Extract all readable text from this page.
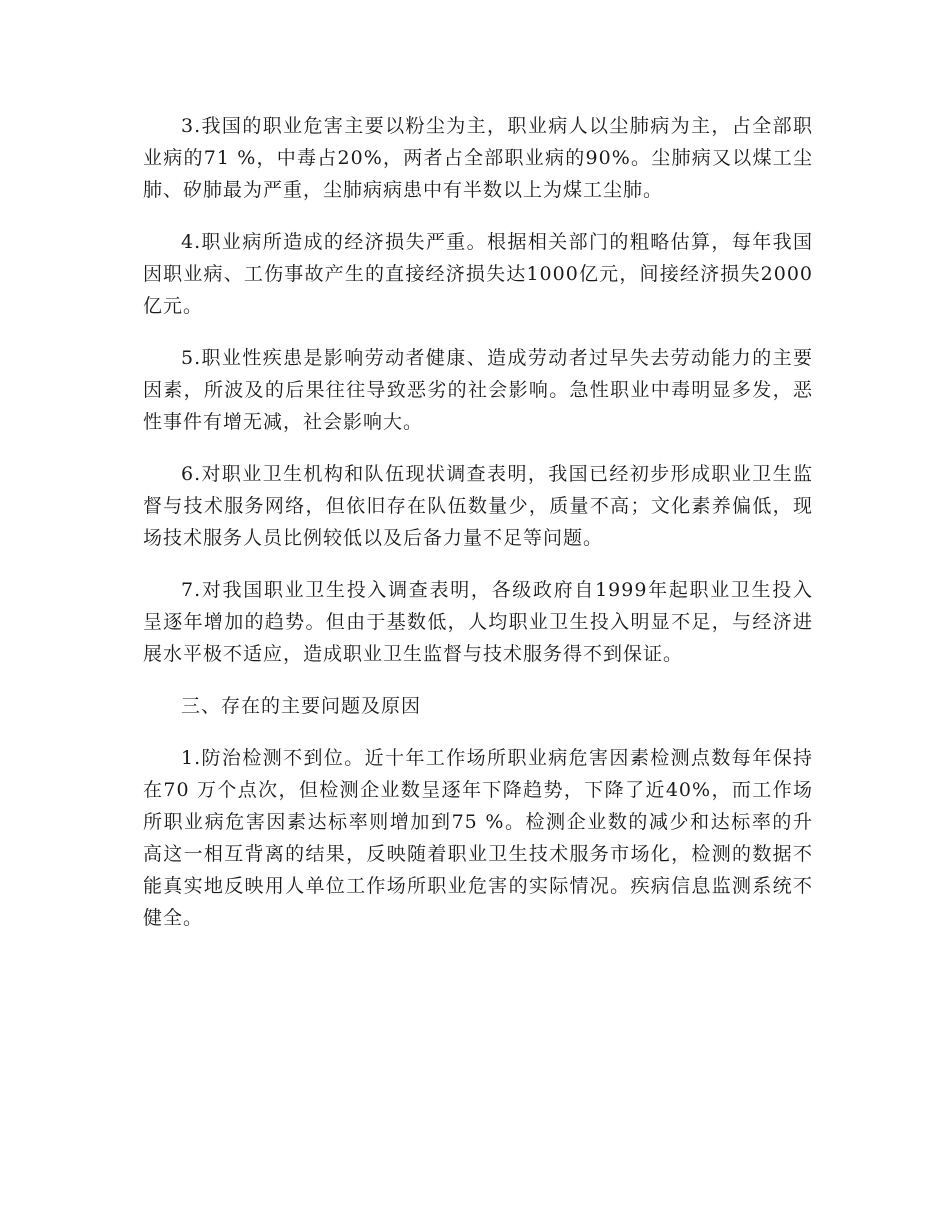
3.我国的职业危害主要以粉尘为主，职业病人以尘肺病为主，占全部职业病的71 %，中毒占20%，两者占全部职业病的90%。尘肺病又以煤工尘肺、矽肺最为严重，尘肺病病患中有半数以上为煤工尘肺。

4.职业病所造成的经济损失严重。根据相关部门的粗略估算，每年我国因职业病、工伤事故产生的直接经济损失达1000亿元，间接经济损失2000 亿元。

5.职业性疾患是影响劳动者健康、造成劳动者过早失去劳动能力的主要因素，所波及的后果往往导致恶劣的社会影响。急性职业中毒明显多发，恶性事件有增无减，社会影响大。

6.对职业卫生机构和队伍现状调查表明，我国已经初步形成职业卫生监督与技术服务网络，但依旧存在队伍数量少，质量不高；文化素养偏低，现场技术服务人员比例较低以及后备力量不足等问题。

7.对我国职业卫生投入调查表明，各级政府自1999年起职业卫生投入呈逐年增加的趋势。但由于基数低，人均职业卫生投入明显不足，与经济进展水平极不适应，造成职业卫生监督与技术服务得不到保证。

三、存在的主要问题及原因

1.防治检测不到位。近十年工作场所职业病危害因素检测点数每年保持在70 万个点次，但检测企业数呈逐年下降趋势，下降了近40%，而工作场所职业病危害因素达标率则增加到75 %。检测企业数的减少和达标率的升高这一相互背离的结果，反映随着职业卫生技术服务市场化，检测的数据不能真实地反映用人单位工作场所职业危害的实际情况。疾病信息监测系统不健全。
